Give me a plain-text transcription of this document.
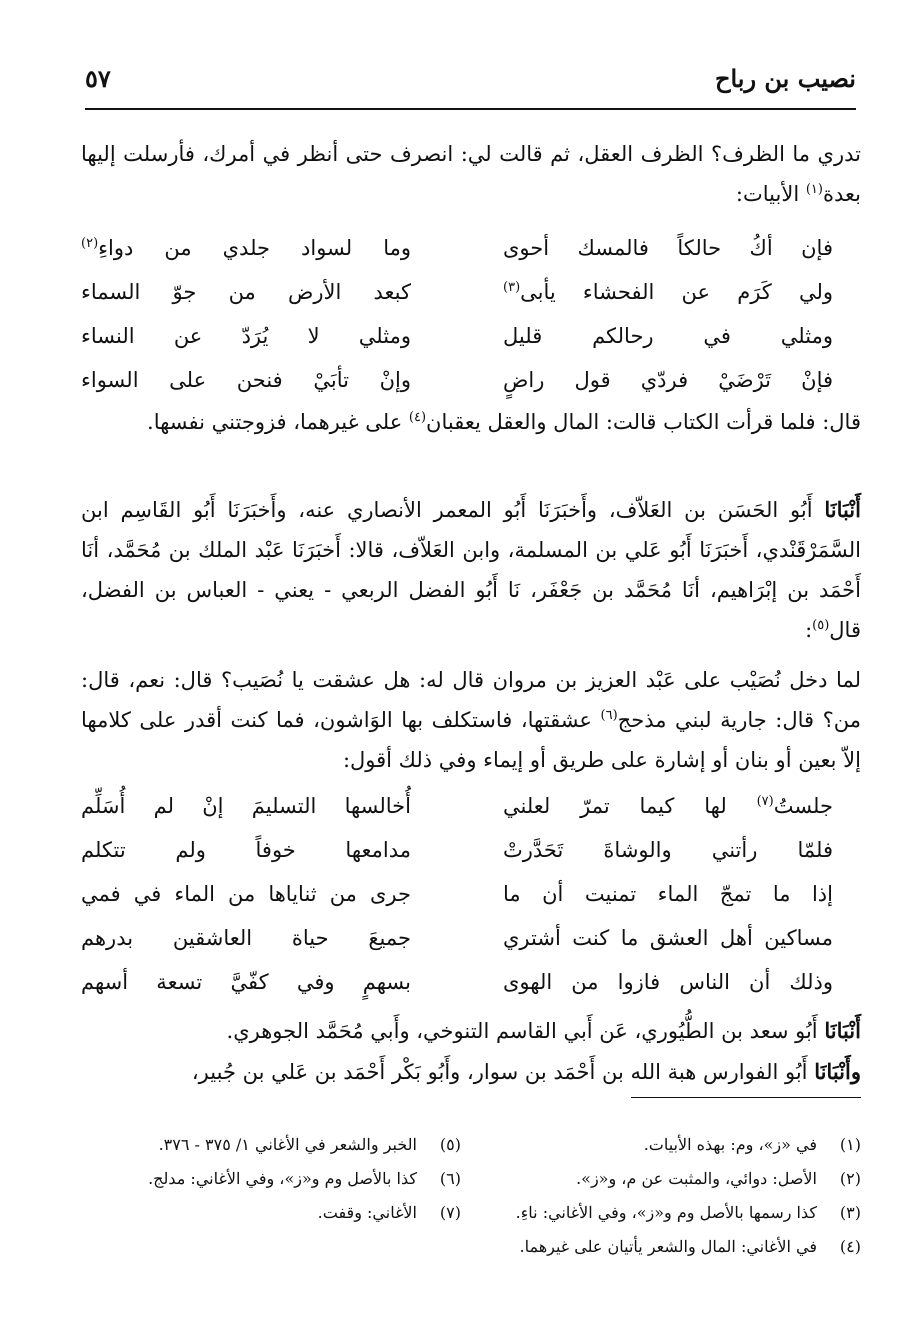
نصيب بن رباح
٥٧
تدري ما الظرف؟ الظرف العقل، ثم قالت لي: انصرف حتى أنظر في أمرك، فأرسلت إليها بعدة$^{(١)}$ الأبيات:
فإن أكُ حالكاً فالمسك أحوى
وما لسواد جلدي من دواءِ$^{(٢)}$
ولي كَرَم عن الفحشاء يأبى$^{(٣)}$
كبعد الأرض من جوّ السماء
ومثلي في رحالكم قليل
ومثلي لا يُرَدّ عن النساء
فإنْ تَرْضَيْ فردّي قول راضٍ
وإنْ تأبَيْ فنحن على السواء
قال: فلما قرأت الكتاب قالت: المال والعقل يعقبان$^{(٤)}$ على غيرهما، فزوجتني نفسها.
أَنْبَانَا أَبُو الحَسَن بن العَلاّف، وأَخبَرَنَا أَبُو المعمر الأنصاري عنه، وأَخبَرَنَا أَبُو القَاسِم ابن السَّمَرْقَنْدي، أَخبَرَنَا أَبُو عَلي بن المسلمة، وابن العَلاّف، قالا: أَخبَرَنَا عَبْد الملك بن مُحَمَّد، أنَا أَحْمَد بن إبْرَاهيم، أنَا مُحَمَّد بن جَعْفَر، نَا أَبُو الفضل الربعي - يعني - العباس بن الفضل، قال$^{(٥)}$:
لما دخل نُصَيْب على عَبْد العزيز بن مروان قال له: هل عشقت يا نُصَيب؟ قال: نعم، قال: من؟ قال: جارية لبني مذحج$^{(٦)}$ عشقتها، فاستكلف بها الوَاشون، فما كنت أقدر على كلامها إلاّ بعين أو بنان أو إشارة على طريق أو إيماء وفي ذلك أقول:
جلستُ$^{(٧)}$ لها كيما تمرّ لعلني
أُخالسها التسليمَ إنْ لم أُسَلِّم
فلمّا رأتني والوشاةَ تَحَدَّرتْ
مدامعها خوفاً ولم تتكلم
إذا ما تمجّ الماء تمنيت أن ما
جرى من ثناياها من الماء في فمي
مساكين أهل العشق ما كنت أشتري
جميعَ حياة العاشقين بدرهم
وذلك أن الناس فازوا من الهوى
بسهمٍ وفي كفّيَّ تسعة أسهم
أَنْبَانَا أَبُو سعد بن الطُّيُوري، عَن أَبي القاسم التنوخي، وأَبي مُحَمَّد الجوهري.
وأَنْبَانَا أَبُو الفوارس هبة الله بن أَحْمَد بن سوار، وأَبُو بَكْر أَحْمَد بن عَلي بن جُبير،
(١)في «ز»، وم: بهذه الأبيات.
(٢)الأصل: دوائي، والمثبت عن م، و«ز».
(٣)كذا رسمها بالأصل وم و«ز»، وفي الأغاني: ناءِ.
(٤)في الأغاني: المال والشعر يأتيان على غيرهما.
(٥)الخبر والشعر في الأغاني ١/ ٣٧٥ - ٣٧٦.
(٦)كذا بالأصل وم و«ز»، وفي الأغاني: مدلج.
(٧)الأغاني: وقفت.
